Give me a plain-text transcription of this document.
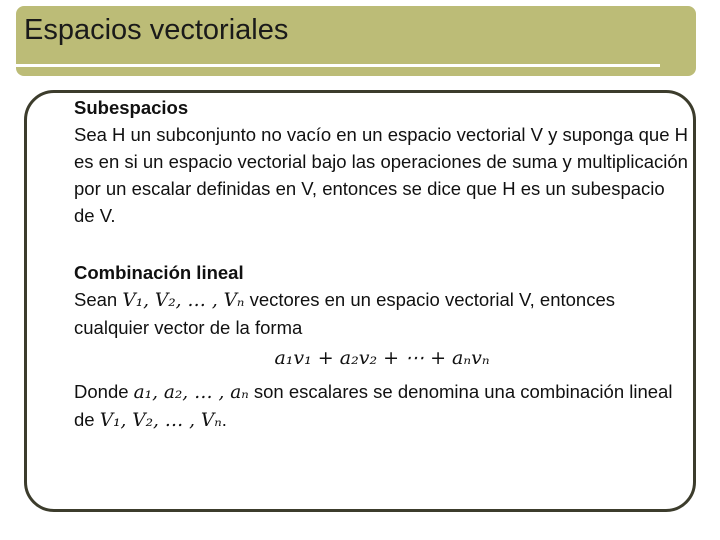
Espacios vectoriales

Subespacios

Sea H un subconjunto no vacío en un espacio vectorial V y suponga que H es en si un espacio vectorial bajo las operaciones de suma y multiplicación por un escalar definidas en V, entonces se dice que H es un subespacio de V.

Combinación lineal

Sean V₁, V₂, … , Vₙ vectores en un espacio vectorial V, entonces cualquier vector de la forma

a₁v₁ + a₂v₂ + ⋯ + aₙvₙ

Donde a₁, a₂, … , aₙ son escalares se denomina una combinación lineal de V₁, V₂, … , Vₙ.
